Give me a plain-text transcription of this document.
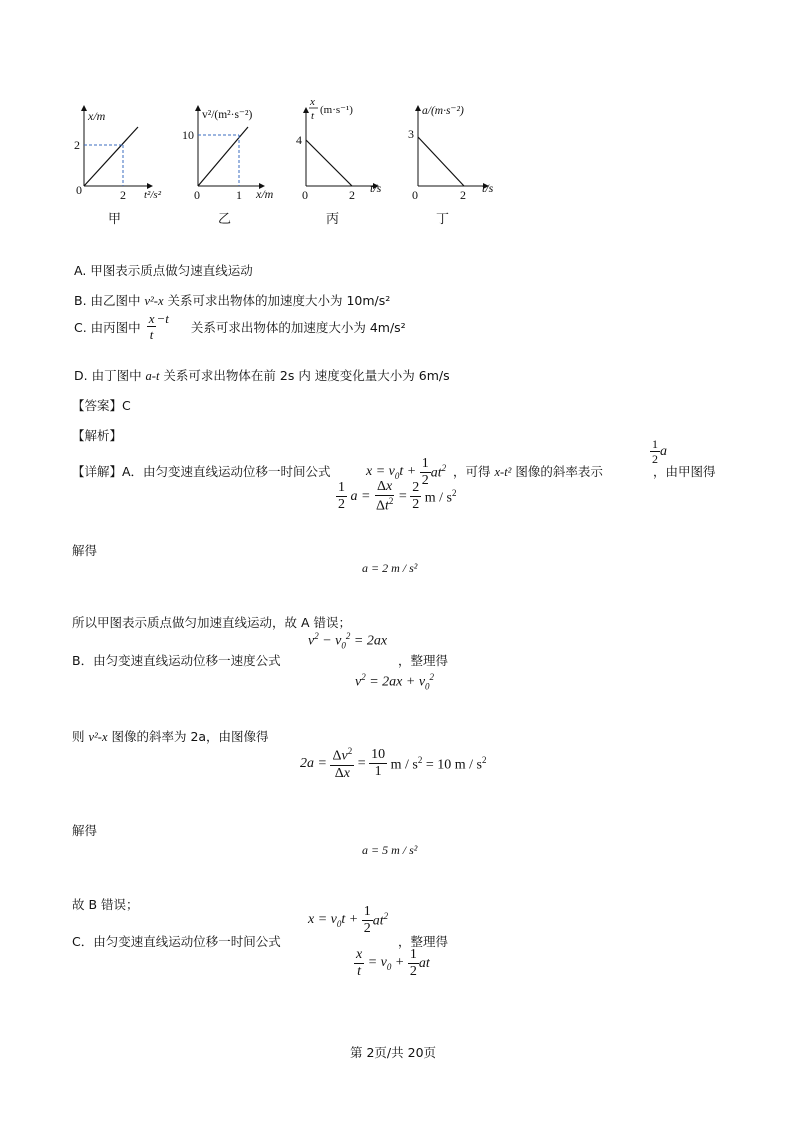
x/m
2
2
0	t²/s²
甲
v²/(m²·s⁻²)
10
1
0	x/m
乙
x
t (m·s⁻¹)
4
2
0	t/s
丙
a/(m·s⁻²)
3
2
0	t/s
丁
A. 甲图表示质点做匀速直线运动
B. 由乙图中 v²-x 关系可求出物体的加速度大小为 10m/s²
C. 由丙图中 $\frac{x}{t} -t$
关系可求出物体的加速度大小为 4m/s²
D. 由丁图中 a-t 关系可求出物体在前 2s 内 速度变化量大小为 6m/s
【答案】C
【解析】
【详解】A．由匀变速直线运动位移一时间公式	$x = v_0t + \frac{1}{2} at^2$ ，可得 x-t² 图像的斜率表示
$\frac{1}{2}$ a
，由甲图得
$\frac{1}{2}$ $a = \frac{\Delta x}{\Delta t^2} = \frac{2}{2}$ m / $s^2$
解得
a = 2 m / s²
所以甲图表示质点做匀加速直线运动，故 A 错误；
$v^2 - v_0^2 = 2ax$
B．由匀变速直线运动位移一速度公式	，整理得
$v^2 = 2ax + v_0^2$
则 v²-x 图像的斜率为 2a，由图像得
$2a = \frac{\Delta v^2}{\Delta x} = \frac{10}{1}$ $m / s^2 = 10$ m / $s^2$
解得
a = 5 m / s²
故 B 错误；
$x = v_0t + \frac{1}{2} at^2$
C．由匀变速直线运动位移一时间公式	，整理得
$\frac{x}{t} = v_0 + \frac{1}{2}$ at
第 2页/共 20页
